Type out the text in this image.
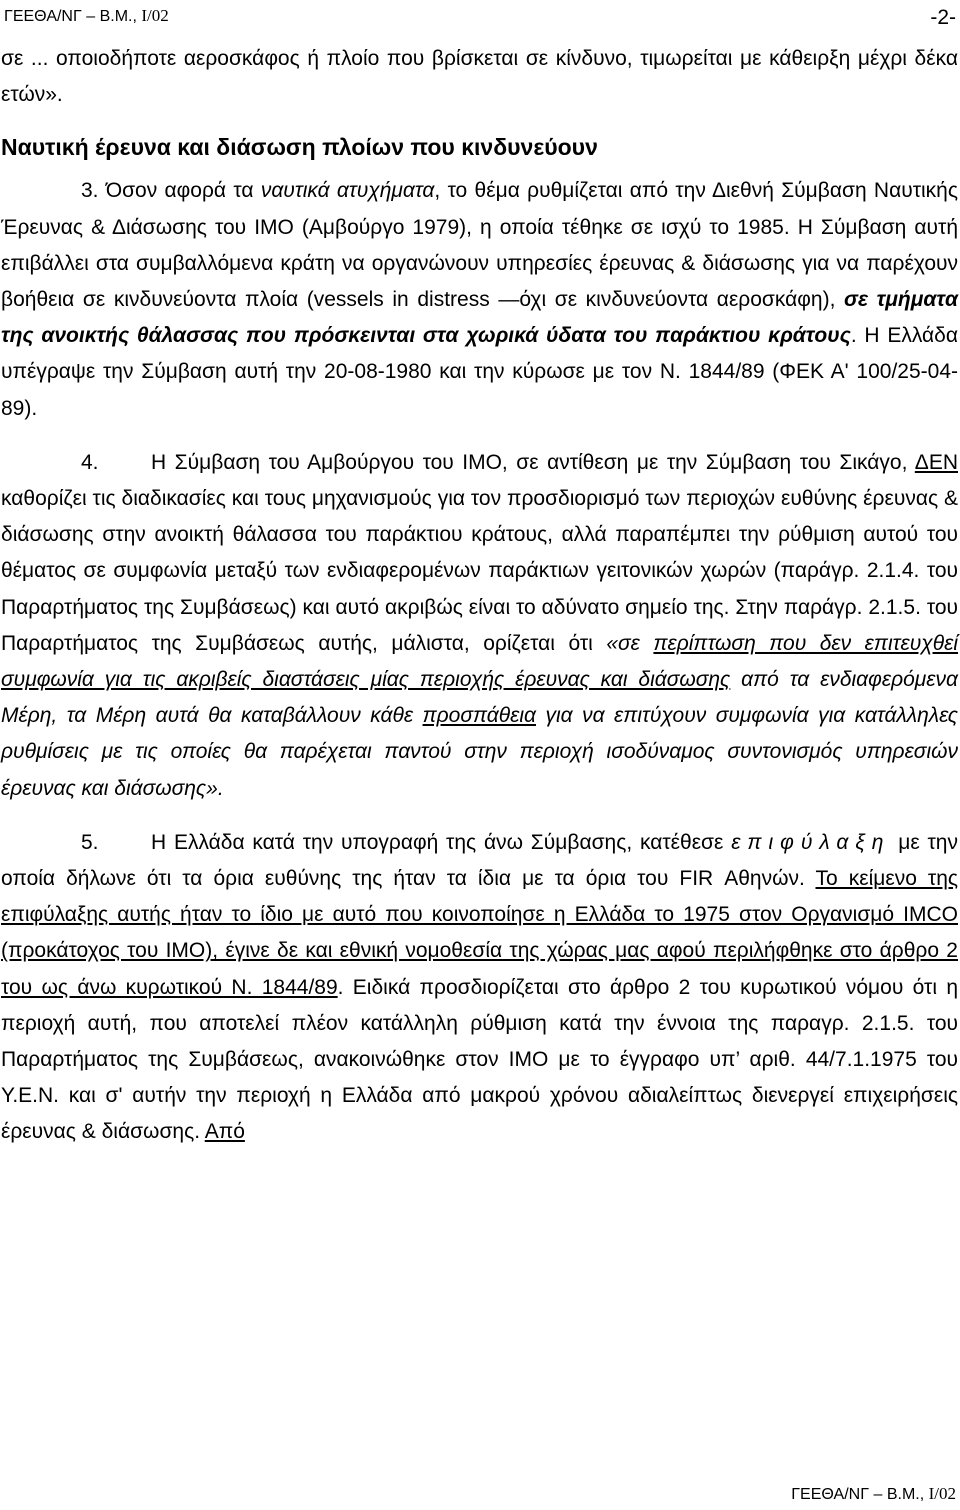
ΓΕΕΘΑ/ΝΓ – Β.Μ., I/02	-2-

σε ... οποιοδήποτε αεροσκάφος ή πλοίο που βρίσκεται σε κίνδυνο, τιμωρείται με κάθειρξη μέχρι δέκα ετών».

Ναυτική έρευνα και διάσωση πλοίων που κινδυνεύουν

3. Όσον αφορά τα ναυτικά ατυχήματα, το θέμα ρυθμίζεται από την Διεθνή Σύμβαση Ναυτικής Έρευνας & Διάσωσης του ΙΜΟ (Αμβούργο 1979), η οποία τέθηκε σε ισχύ το 1985. Η Σύμβαση αυτή επιβάλλει στα συμβαλλόμενα κράτη να οργανώνουν υπηρεσίες έρευνας & διάσωσης για να παρέχουν βοήθεια σε κινδυνεύοντα πλοία (vessels in distress —όχι σε κινδυνεύοντα αεροσκάφη), σε τμήματα της ανοικτής θάλασσας που πρόσκεινται στα χωρικά ύδατα του παράκτιου κράτους. Η Ελλάδα υπέγραψε την Σύμβαση αυτή την 20-08-1980 και την κύρωσε με τον Ν. 1844/89 (ΦΕΚ Α' 100/25-04-89).

4. Η Σύμβαση του Αμβούργου του ΙΜΟ, σε αντίθεση με την Σύμβαση του Σικάγο, ΔΕΝ καθορίζει τις διαδικασίες και τους μηχανισμούς για τον προσδιορισμό των περιοχών ευθύνης έρευνας & διάσωσης στην ανοικτή θάλασσα του παράκτιου κράτους, αλλά παραπέμπει την ρύθμιση αυτού του θέματος σε συμφωνία μεταξύ των ενδιαφερομένων παράκτιων γειτονικών χωρών (παράγρ. 2.1.4. του Παραρτήματος της Συμβάσεως) και αυτό ακριβώς είναι το αδύνατο σημείο της. Στην παράγρ. 2.1.5. του Παραρτήματος της Συμβάσεως αυτής, μάλιστα, ορίζεται ότι «σε περίπτωση που δεν επιτευχθεί συμφωνία για τις ακριβείς διαστάσεις μίας περιοχής έρευνας και διάσωσης από τα ενδιαφερόμενα Μέρη, τα Μέρη αυτά θα καταβάλλουν κάθε προσπάθεια για να επιτύχουν συμφωνία για κατάλληλες ρυθμίσεις με τις οποίες θα παρέχεται παντού στην περιοχή ισοδύναμος συντονισμός υπηρεσιών έρευνας και διάσωσης».

5. Η Ελλάδα κατά την υπογραφή της άνω Σύμβασης, κατέθεσε επιφύλαξη με την οποία δήλωνε ότι τα όρια ευθύνης της ήταν τα ίδια με τα όρια του FIR Αθηνών. Το κείμενο της επιφύλαξης αυτής ήταν το ίδιο με αυτό που κοινοποίησε η Ελλάδα το 1975 στον Οργανισμό IMCO (προκάτοχος του ΙΜΟ), έγινε δε και εθνική νομοθεσία της χώρας μας αφού περιλήφθηκε στο άρθρο 2 του ως άνω κυρωτικού Ν. 1844/89. Ειδικά προσδιορίζεται στο άρθρο 2 του κυρωτικού νόμου ότι η περιοχή αυτή, που αποτελεί πλέον κατάλληλη ρύθμιση κατά την έννοια της παραγρ. 2.1.5. του Παραρτήματος της Συμβάσεως, ανακοινώθηκε στον ΙΜΟ με το έγγραφο υπ’ αριθ. 44/7.1.1975 του Υ.Ε.Ν. και σ' αυτήν την περιοχή η Ελλάδα από μακρού χρόνου αδιαλείπτως διενεργεί επιχειρήσεις έρευνας & διάσωσης. Από

ΓΕΕΘΑ/ΝΓ – Β.Μ., I/02
